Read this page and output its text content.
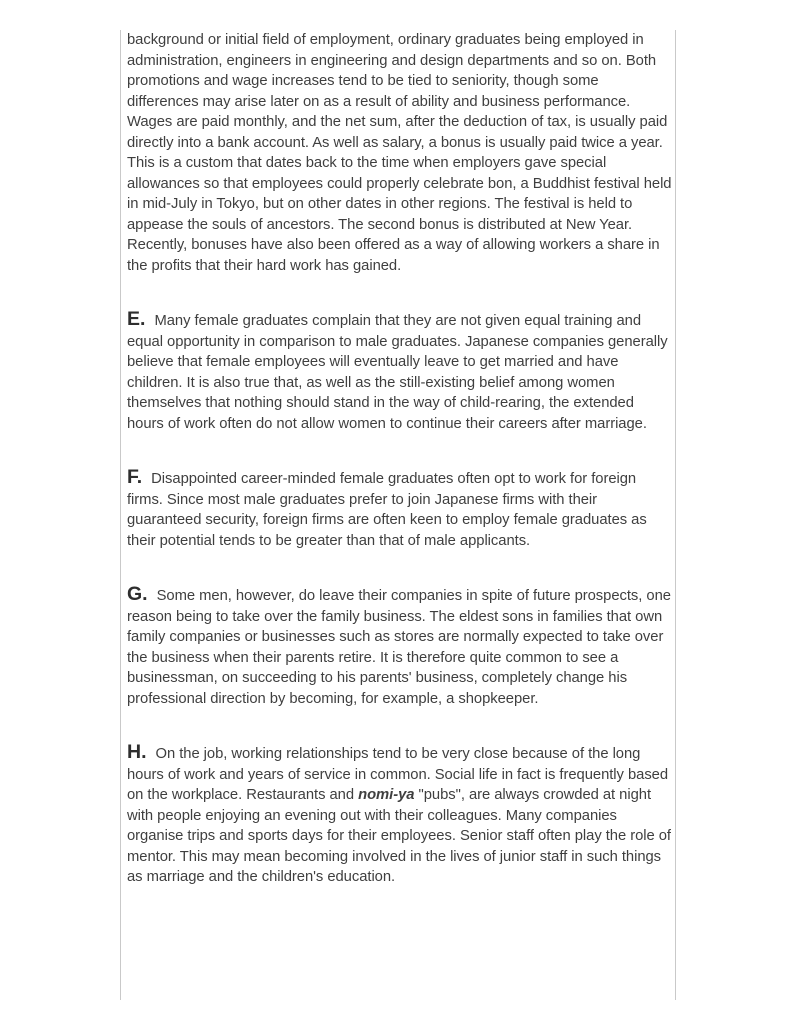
background or initial field of employment, ordinary graduates being employed in administration, engineers in engineering and design departments and so on. Both promotions and wage increases tend to be tied to seniority, though some differences may arise later on as a result of ability and business performance. Wages are paid monthly, and the net sum, after the deduction of tax, is usually paid directly into a bank account. As well as salary, a bonus is usually paid twice a year. This is a custom that dates back to the time when employers gave special allowances so that employees could properly celebrate bon, a Buddhist festival held in mid-July in Tokyo, but on other dates in other regions. The festival is held to appease the souls of ancestors. The second bonus is distributed at New Year. Recently, bonuses have also been offered as a way of allowing workers a share in the profits that their hard work has gained.

E. Many female graduates complain that they are not given equal training and equal opportunity in comparison to male graduates. Japanese companies generally believe that female employees will eventually leave to get married and have children. It is also true that, as well as the still-existing belief among women themselves that nothing should stand in the way of child-rearing, the extended hours of work often do not allow women to continue their careers after marriage.

F. Disappointed career-minded female graduates often opt to work for foreign firms. Since most male graduates prefer to join Japanese firms with their guaranteed security, foreign firms are often keen to employ female graduates as their potential tends to be greater than that of male applicants.

G. Some men, however, do leave their companies in spite of future prospects, one reason being to take over the family business. The eldest sons in families that own family companies or businesses such as stores are normally expected to take over the business when their parents retire. It is therefore quite common to see a businessman, on succeeding to his parents' business, completely change his professional direction by becoming, for example, a shopkeeper.

H. On the job, working relationships tend to be very close because of the long hours of work and years of service in common. Social life in fact is frequently based on the workplace. Restaurants and nomi-ya "pubs", are always crowded at night with people enjoying an evening out with their colleagues. Many companies organise trips and sports days for their employees. Senior staff often play the role of mentor. This may mean becoming involved in the lives of junior staff in such things as marriage and the children's education.
